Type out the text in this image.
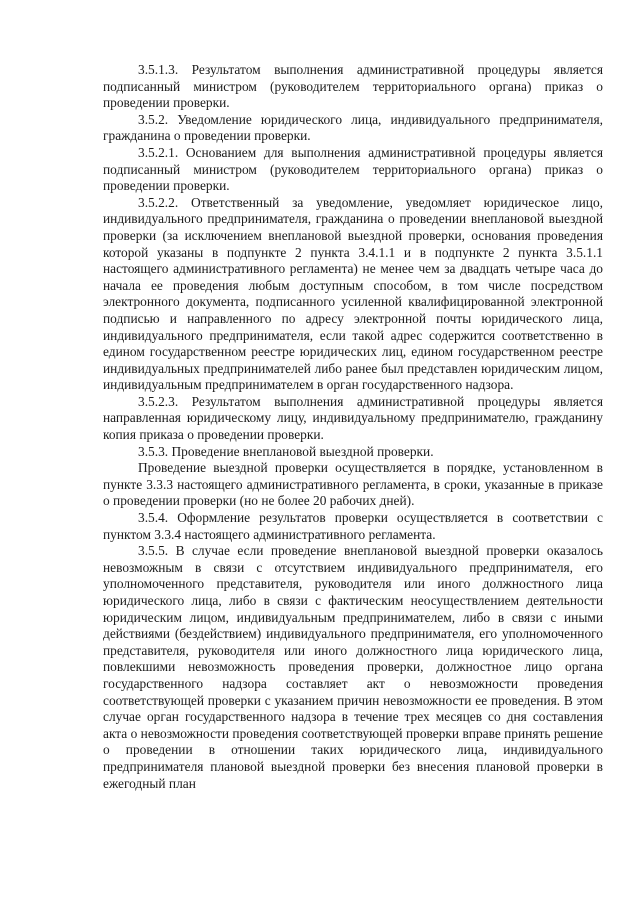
3.5.1.3. Результатом выполнения административной процедуры является подписанный министром (руководителем территориального органа) приказ о проведении проверки.

3.5.2. Уведомление юридического лица, индивидуального предпринимателя, гражданина о проведении проверки.

3.5.2.1. Основанием для выполнения административной процедуры является подписанный министром (руководителем территориального органа) приказ о проведении проверки.

3.5.2.2. Ответственный за уведомление, уведомляет юридическое лицо, индивидуального предпринимателя, гражданина о проведении внеплановой выездной проверки (за исключением внеплановой выездной проверки, основания проведения которой указаны в подпункте 2 пункта 3.4.1.1 и в подпункте 2 пункта 3.5.1.1 настоящего административного регламента) не менее чем за двадцать четыре часа до начала ее проведения любым доступным способом, в том числе посредством электронного документа, подписанного усиленной квалифицированной электронной подписью и направленного по адресу электронной почты юридического лица, индивидуального предпринимателя, если такой адрес содержится соответственно в едином государственном реестре юридических лиц, едином государственном реестре индивидуальных предпринимателей либо ранее был представлен юридическим лицом, индивидуальным предпринимателем в орган государственного надзора.

3.5.2.3. Результатом выполнения административной процедуры является направленная юридическому лицу, индивидуальному предпринимателю, гражданину копия приказа о проведении проверки.

3.5.3. Проведение внеплановой выездной проверки.

Проведение выездной проверки осуществляется в порядке, установленном в пункте 3.3.3 настоящего административного регламента, в сроки, указанные в приказе о проведении проверки (но не более 20 рабочих дней).

3.5.4. Оформление результатов проверки осуществляется в соответствии с пунктом 3.3.4 настоящего административного регламента.

3.5.5. В случае если проведение внеплановой выездной проверки оказалось невозможным в связи с отсутствием индивидуального предпринимателя, его уполномоченного представителя, руководителя или иного должностного лица юридического лица, либо в связи с фактическим неосуществлением деятельности юридическим лицом, индивидуальным предпринимателем, либо в связи с иными действиями (бездействием) индивидуального предпринимателя, его уполномоченного представителя, руководителя или иного должностного лица юридического лица, повлекшими невозможность проведения проверки, должностное лицо органа государственного надзора составляет акт о невозможности проведения соответствующей проверки с указанием причин невозможности ее проведения. В этом случае орган государственного надзора в течение трех месяцев со дня составления акта о невозможности проведения соответствующей проверки вправе принять решение о проведении в отношении таких юридического лица, индивидуального предпринимателя плановой выездной проверки без внесения плановой проверки в ежегодный план
